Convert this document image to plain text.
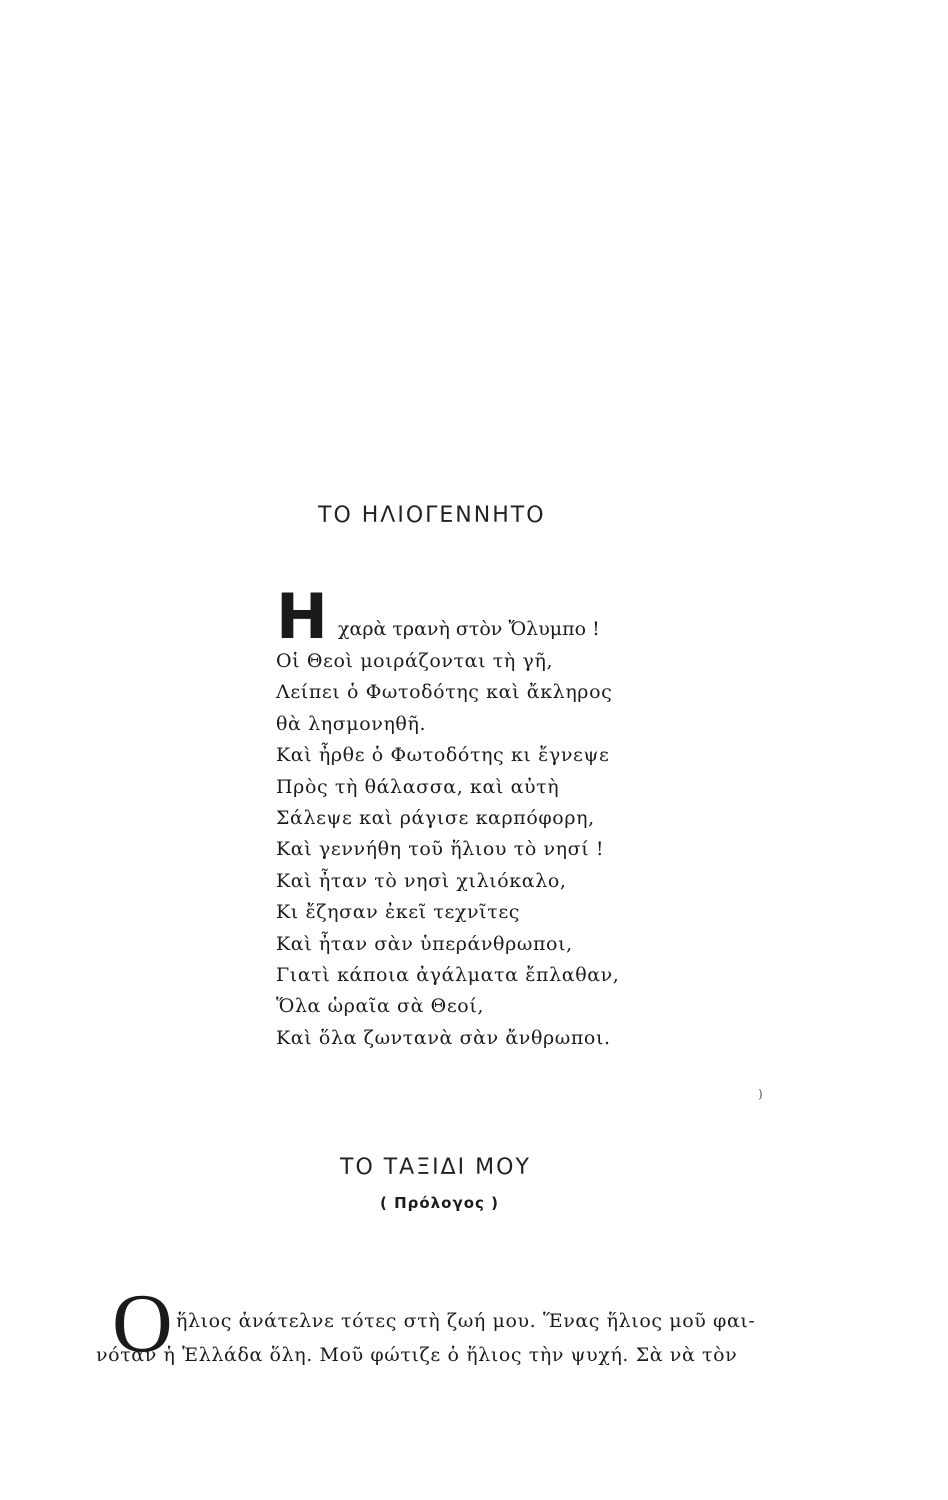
ΤΟ ΗΛΙΟΓΕΝΝΗΤΟ
Η χαρὰ τρανὴ στὸν Ὄλυμπο !
Οἱ Θεοὶ μοιράζονται τὴ γῆ,
Λείπει ὁ Φωτοδότης καὶ ἄκληρος
θὰ λησμονηθῆ.
Καὶ ἦρθε ὁ Φωτοδότης κι ἔγνεψε
Πρὸς τὴ θάλασσα, καὶ αὐτὴ
Σάλεψε καὶ ράγισε καρπόφορη,
Καὶ γεννήθη τοῦ ἥλιου τὸ νησί !
Καὶ ἦταν τὸ νησὶ χιλιόκαλο,
Κι ἔζησαν ἐκεῖ τεχνῖτες
Καὶ ἦταν σὰν ὑπεράνθρωποι,
Γιατὶ κάποια ἀγάλματα ἔπλαθαν,
Ὅλα ὡραῖα σὰ Θεοί,
Καὶ ὅλα ζωντανὰ σὰν ἄνθρωποι.
)
ΤΟ ΤΑΞΙΔΙ ΜΟΥ
( Πρόλογος )
Ο ἥλιος ἀνάτελνε τότες στὴ ζωή μου. Ἕνας ἥλιος μοῦ φαι-
νόταν ἡ Ἑλλάδα ὅλη. Μοῦ φώτιζε ὁ ἥλιος τὴν ψυχή. Σὰ νὰ τὸν
